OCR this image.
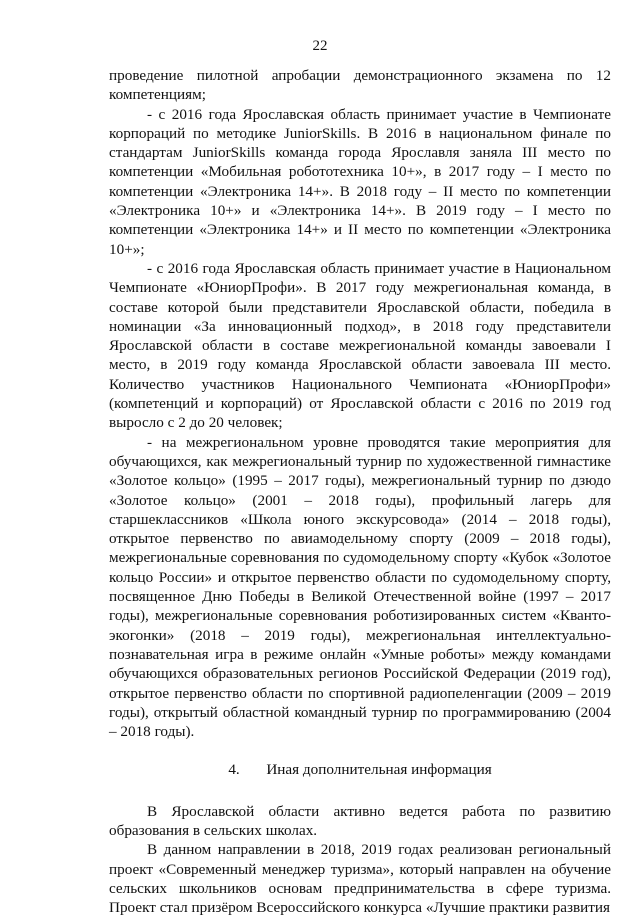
22

проведение пилотной апробации демонстрационного экзамена по 12 компетенциям;

- с 2016 года Ярославская область принимает участие в Чемпионате корпораций по методике JuniorSkills. В 2016 в национальном финале по стандартам JuniorSkills команда города Ярославля заняла III место по компетенции «Мобильная робототехника 10+», в 2017 году – I место по компетенции «Электроника 14+». В 2018 году – II место по компетенции «Электроника 10+» и «Электроника 14+». В 2019 году – I место по компетенции «Электроника 14+» и II место по компетенции «Электроника 10+»;

- с 2016 года Ярославская область принимает участие в Национальном Чемпионате «ЮниорПрофи». В 2017 году межрегиональная команда, в составе которой были представители Ярославской области, победила в номинации «За инновационный подход», в 2018 году представители Ярославской области в составе межрегиональной команды завоевали I место, в 2019 году команда Ярославской области завоевала III место. Количество участников Национального Чемпионата «ЮниорПрофи» (компетенций и корпораций) от Ярославской области с 2016 по 2019 год выросло с 2 до 20 человек;

- на межрегиональном уровне проводятся такие мероприятия для обучающихся, как межрегиональный турнир по художественной гимнастике «Золотое кольцо» (1995 – 2017 годы), межрегиональный турнир по дзюдо «Золотое кольцо» (2001 – 2018 годы), профильный лагерь для старшеклассников «Школа юного экскурсовода» (2014 – 2018 годы), открытое первенство по авиамодельному спорту (2009 – 2018 годы), межрегиональные соревнования по судомодельному спорту «Кубок «Золотое кольцо России» и открытое первенство области по судомодельному спорту, посвященное Дню Победы в Великой Отечественной войне (1997 – 2017 годы), межрегиональные соревнования роботизированных систем «Кванто-экогонки» (2018 – 2019 годы), межрегиональная интеллектуально-познавательная игра в режиме онлайн «Умные роботы» между командами обучающихся образовательных регионов Российской Федерации (2019 год), открытое первенство области по спортивной радиопеленгации (2009 – 2019 годы), открытый областной командный турнир по программированию (2004 – 2018 годы).

4. Иная дополнительная информация

В Ярославской области активно ведется работа по развитию образования в сельских школах.

В данном направлении в 2018, 2019 годах реализован региональный проект «Современный менеджер туризма», который направлен на обучение сельских школьников основам предпринимательства в сфере туризма. Проект стал призёром Всероссийского конкурса «Лучшие практики развития
